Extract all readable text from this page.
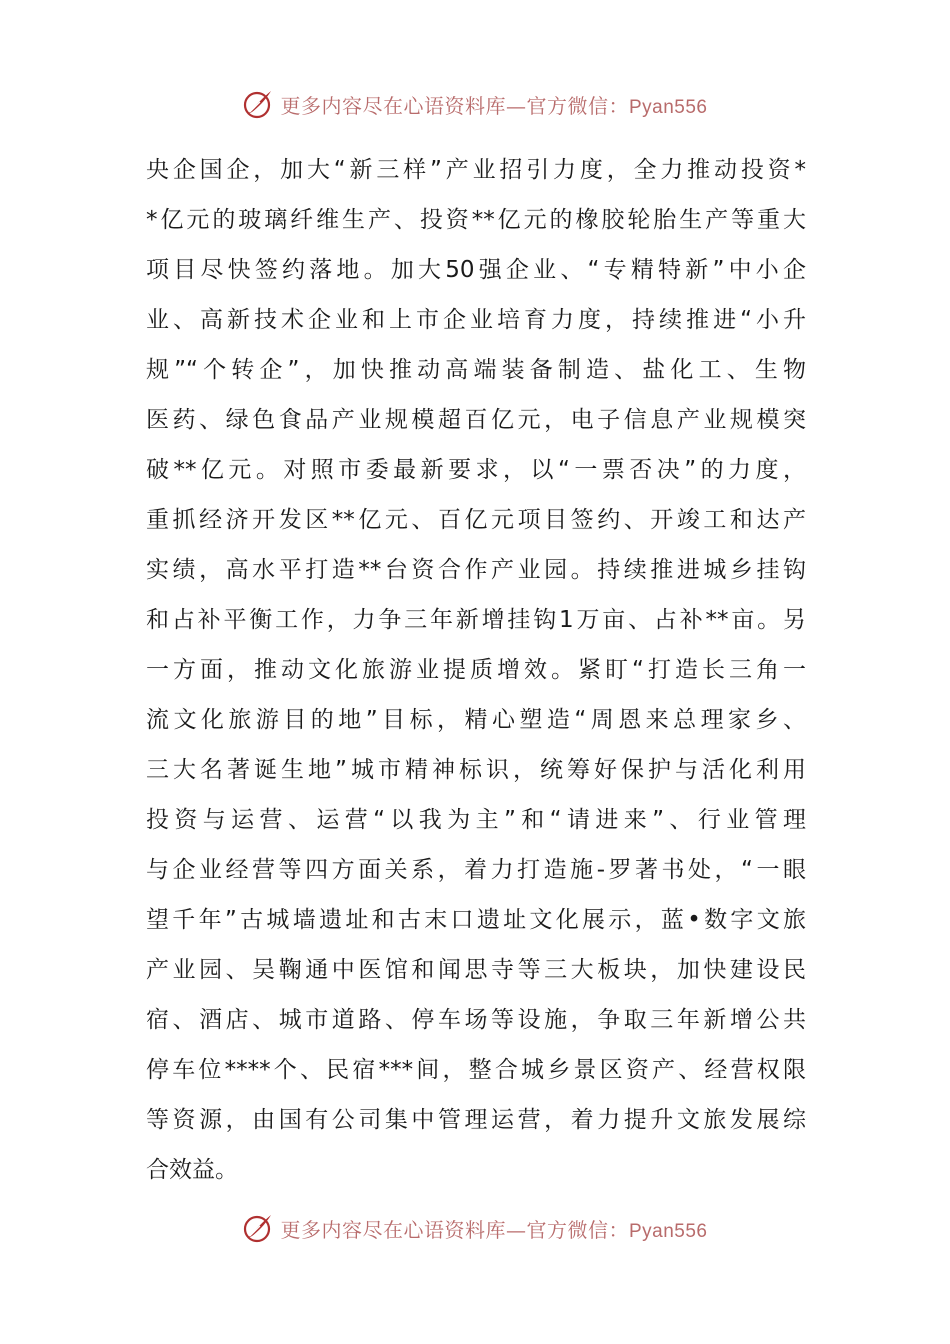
更多内容尽在心语资料库—官方微信：Pyan556
央企国企，加大“新三样”产业招引力度，全力推动投资*
*亿元的玻璃纤维生产、投资**亿元的橡胶轮胎生产等重大
项目尽快签约落地。加大50强企业、“专精特新”中小企
业、高新技术企业和上市企业培育力度，持续推进“小升
规”“个转企”，加快推动高端装备制造、盐化工、生物
医药、绿色食品产业规模超百亿元，电子信息产业规模突
破**亿元。对照市委最新要求，以“一票否决”的力度，
重抓经济开发区**亿元、百亿元项目签约、开竣工和达产
实绩，高水平打造**台资合作产业园。持续推进城乡挂钩
和占补平衡工作，力争三年新增挂钩1万亩、占补**亩。另
一方面，推动文化旅游业提质增效。紧盯“打造长三角一
流文化旅游目的地”目标，精心塑造“周恩来总理家乡、
三大名著诞生地”城市精神标识，统筹好保护与活化利用
投资与运营、运营“以我为主”和“请进来”、行业管理
与企业经营等四方面关系，着力打造施-罗著书处，“一眼
望千年”古城墙遗址和古末口遗址文化展示，蓝•数字文旅
产业园、吴鞠通中医馆和闻思寺等三大板块，加快建设民
宿、酒店、城市道路、停车场等设施，争取三年新增公共
停车位****个、民宿***间，整合城乡景区资产、经营权限
等资源，由国有公司集中管理运营，着力提升文旅发展综
合效益。
更多内容尽在心语资料库—官方微信：Pyan556
